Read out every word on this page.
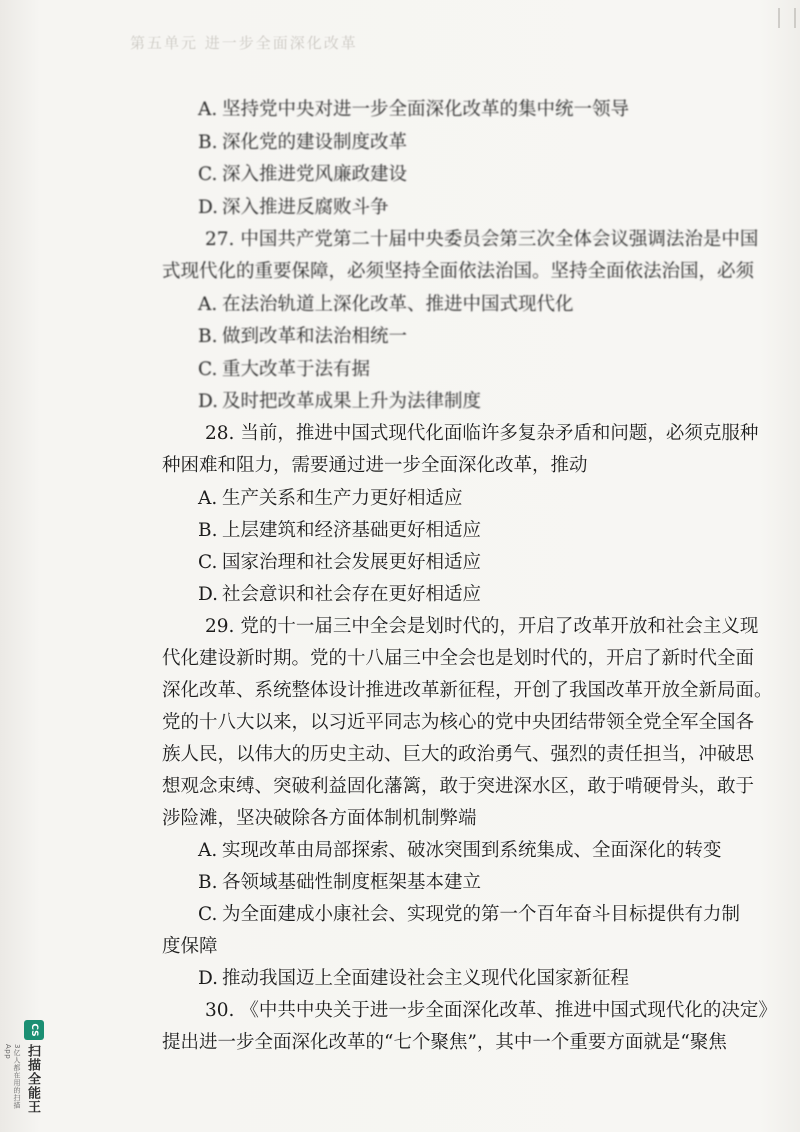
第五单元 进一步全面深化改革
A. 坚持党中央对进一步全面深化改革的集中统一领导
B. 深化党的建设制度改革
C. 深入推进党风廉政建设
D. 深入推进反腐败斗争
27. 中国共产党第二十届中央委员会第三次全体会议强调法治是中国
式现代化的重要保障，必须坚持全面依法治国。坚持全面依法治国，必须
A. 在法治轨道上深化改革、推进中国式现代化
B. 做到改革和法治相统一
C. 重大改革于法有据
D. 及时把改革成果上升为法律制度
28. 当前，推进中国式现代化面临许多复杂矛盾和问题，必须克服种
种困难和阻力，需要通过进一步全面深化改革，推动
A. 生产关系和生产力更好相适应
B. 上层建筑和经济基础更好相适应
C. 国家治理和社会发展更好相适应
D. 社会意识和社会存在更好相适应
29. 党的十一届三中全会是划时代的，开启了改革开放和社会主义现
代化建设新时期。党的十八届三中全会也是划时代的，开启了新时代全面
深化改革、系统整体设计推进改革新征程，开创了我国改革开放全新局面。
党的十八大以来，以习近平同志为核心的党中央团结带领全党全军全国各
族人民，以伟大的历史主动、巨大的政治勇气、强烈的责任担当，冲破思
想观念束缚、突破利益固化藩篱，敢于突进深水区，敢于啃硬骨头，敢于
涉险滩，坚决破除各方面体制机制弊端
A. 实现改革由局部探索、破冰突围到系统集成、全面深化的转变
B. 各领域基础性制度框架基本建立
C. 为全面建成小康社会、实现党的第一个百年奋斗目标提供有力制
度保障
D. 推动我国迈上全面建设社会主义现代化国家新征程
30. 《中共中央关于进一步全面深化改革、推进中国式现代化的决定》
提出进一步全面深化改革的“七个聚焦”，其中一个重要方面就是“聚焦
CS
扫描全能王
3亿人都在用的扫描App
